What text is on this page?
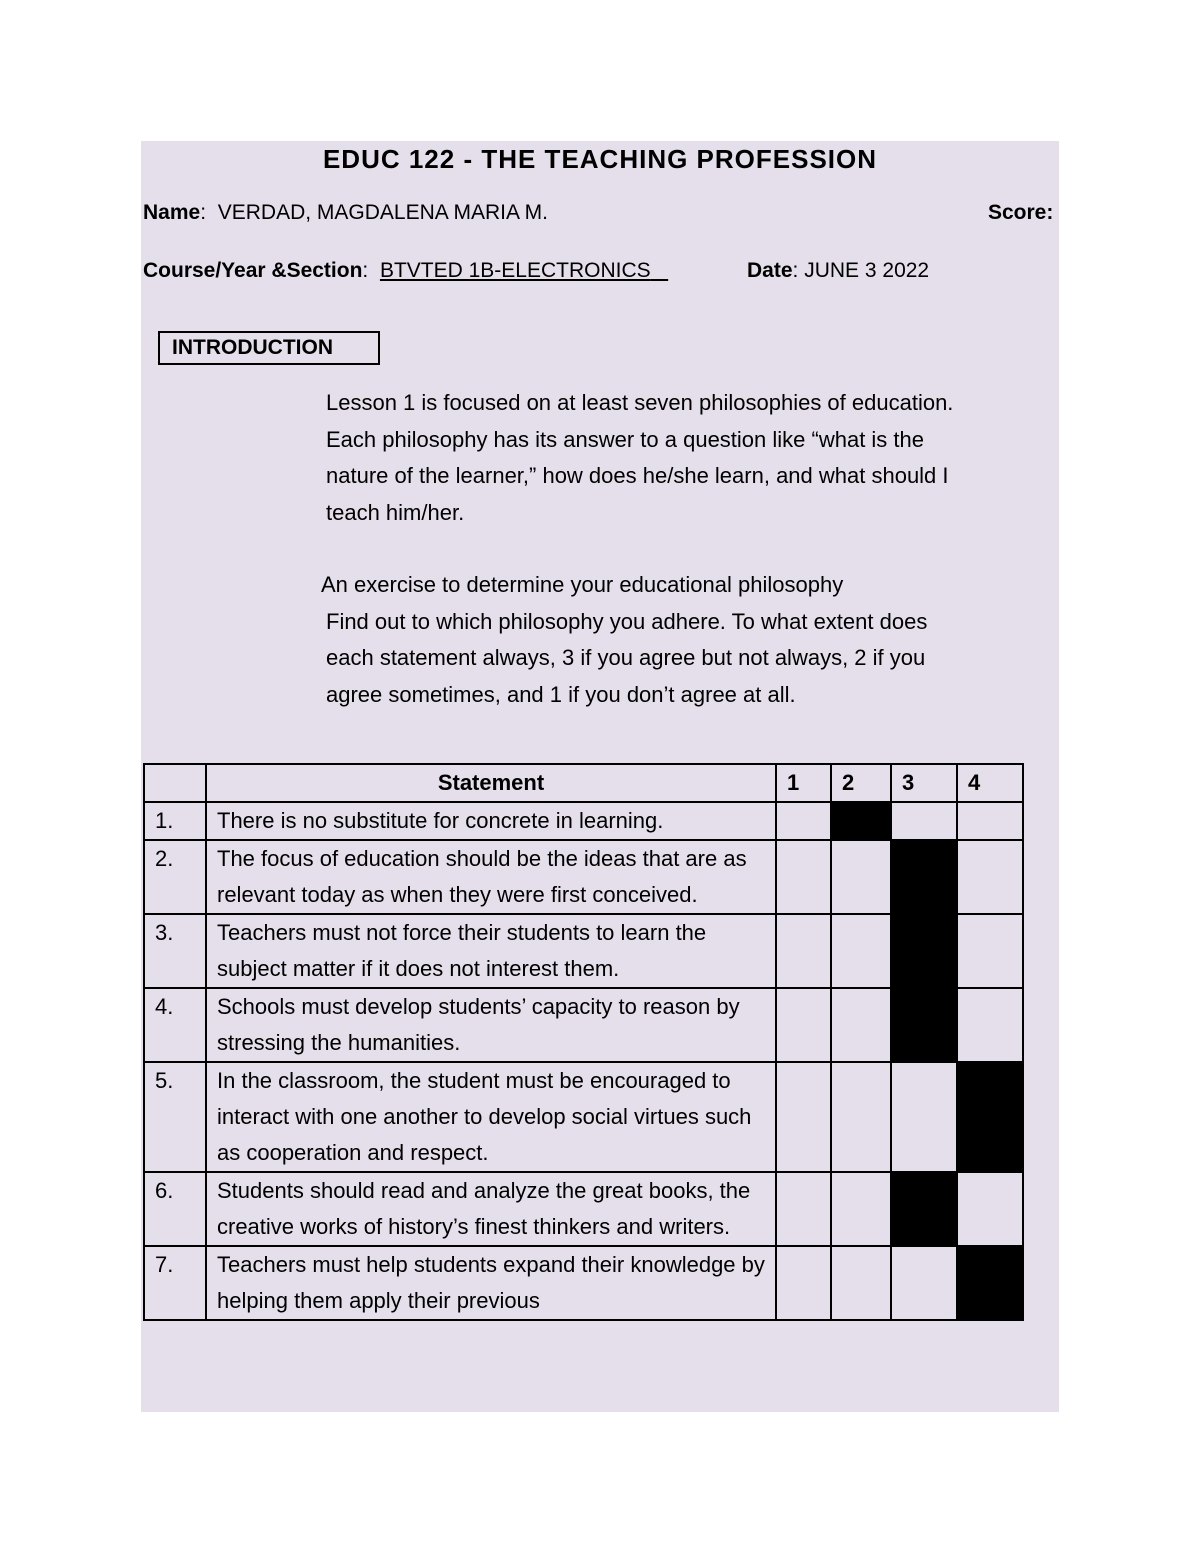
EDUC 122 - THE TEACHING PROFESSION
Name:  VERDAD, MAGDALENA MARIA M.	Score:
Course/Year &Section:  BTVTED 1B-ELECTRONICS	Date: JUNE 3 2022
INTRODUCTION
Lesson 1 is focused on at least seven philosophies of education.
Each philosophy has its answer to a question like “what is the
nature of the learner,” how does he/she learn, and what should I
teach him/her.
An exercise to determine your educational philosophy
Find out to which philosophy you adhere. To what extent does
each statement always, 3 if you agree but not always, 2 if you
agree sometimes, and 1 if you don’t agree at all.
	Statement	1	2	3	4
1.	There is no substitute for concrete in learning.				
2.	The focus of education should be the ideas that are as relevant today as when they were first conceived.				
3.	Teachers must not force their students to learn the subject matter if it does not interest them.				
4.	Schools must develop students’ capacity to reason by stressing the humanities.				
5.	In the classroom, the student must be encouraged to interact with one another to develop social virtues such as cooperation and respect.				
6.	Students should read and analyze the great books, the creative works of history’s finest thinkers and writers.				
7.	Teachers must help students expand their knowledge by helping them apply their previous				
